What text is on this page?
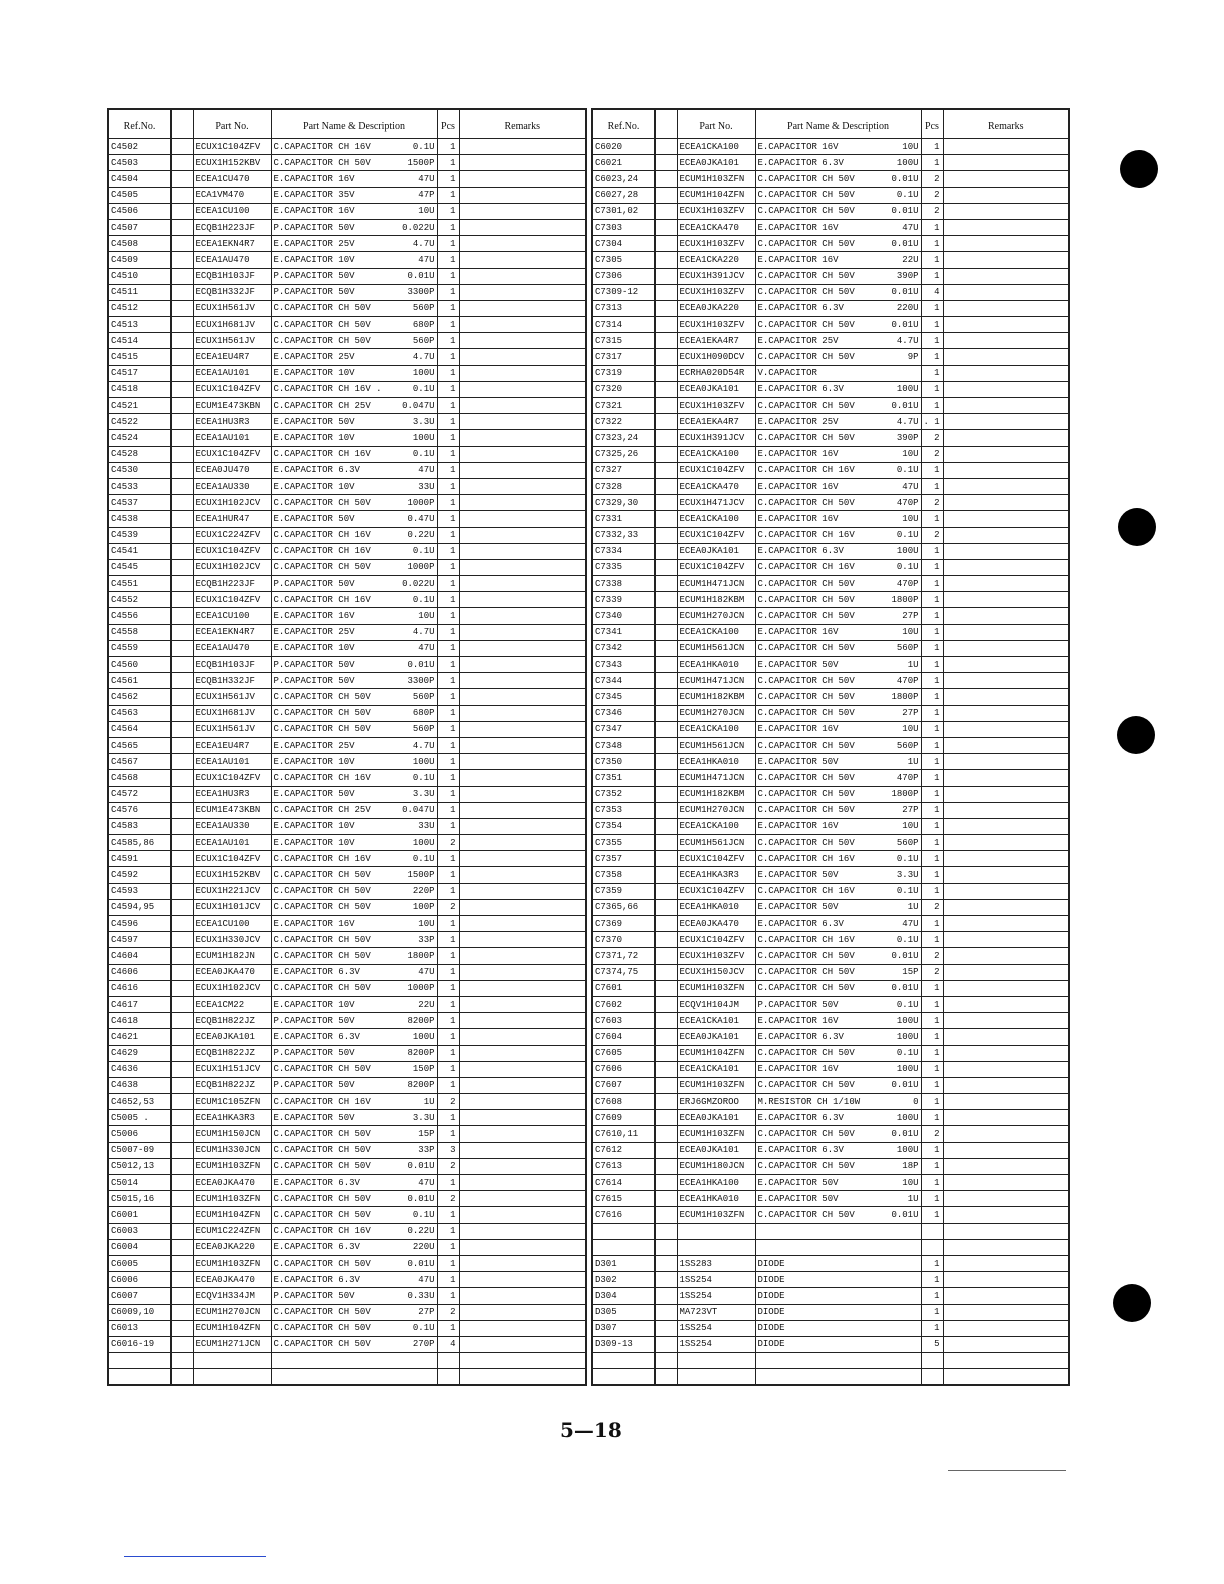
Ref.No.		Part No.	Part Name & Description	Pcs	Remarks
C4502		ECUX1C104ZFV	C.CAPACITOR CH 16V 0.1U	1	
C4503		ECUX1H152KBV	C.CAPACITOR CH 50V 1500P	1	
C4504		ECEA1CU470	E.CAPACITOR 16V 47U	1	
C4505		ECA1VM470	E.CAPACITOR 35V 47P	1	
C4506		ECEA1CU100	E.CAPACITOR 16V 10U	1	
C4507		ECQB1H223JF	P.CAPACITOR 50V 0.022U	1	
C4508		ECEA1EKN4R7	E.CAPACITOR 25V 4.7U	1	
C4509		ECEA1AU470	E.CAPACITOR 10V 47U	1	
C4510		ECQB1H103JF	P.CAPACITOR 50V 0.01U	1	
C4511		ECQB1H332JF	P.CAPACITOR 50V 3300P	1	
C4512		ECUX1H561JV	C.CAPACITOR CH 50V 560P	1	
C4513		ECUX1H681JV	C.CAPACITOR CH 50V 680P	1	
C4514		ECUX1H561JV	C.CAPACITOR CH 50V 560P	1	
C4515		ECEA1EU4R7	E.CAPACITOR 25V 4.7U	1	
C4517		ECEA1AU101	E.CAPACITOR 10V 100U	1	
C4518		ECUX1C104ZFV	C.CAPACITOR CH 16V . 0.1U	1	
C4521		ECUM1E473KBN	C.CAPACITOR CH 25V 0.047U	1	
C4522		ECEA1HU3R3	E.CAPACITOR 50V 3.3U	1	
C4524		ECEA1AU101	E.CAPACITOR 10V 100U	1	
C4528		ECUX1C104ZFV	C.CAPACITOR CH 16V 0.1U	1	
C4530		ECEA0JU470	E.CAPACITOR 6.3V 47U	1	
C4533		ECEA1AU330	E.CAPACITOR 10V 33U	1	
C4537		ECUX1H102JCV	C.CAPACITOR CH 50V 1000P	1	
C4538		ECEA1HUR47	E.CAPACITOR 50V 0.47U	1	
C4539		ECUX1C224ZFV	C.CAPACITOR CH 16V 0.22U	1	
C4541		ECUX1C104ZFV	C.CAPACITOR CH 16V 0.1U	1	
C4545		ECUX1H102JCV	C.CAPACITOR CH 50V 1000P	1	
C4551		ECQB1H223JF	P.CAPACITOR 50V 0.022U	1	
C4552		ECUX1C104ZFV	C.CAPACITOR CH 16V 0.1U	1	
C4556		ECEA1CU100	E.CAPACITOR 16V 10U	1	
C4558		ECEA1EKN4R7	E.CAPACITOR 25V 4.7U	1	
C4559		ECEA1AU470	E.CAPACITOR 10V 47U	1	
C4560		ECQB1H103JF	P.CAPACITOR 50V 0.01U	1	
C4561		ECQB1H332JF	P.CAPACITOR 50V 3300P	1	
C4562		ECUX1H561JV	C.CAPACITOR CH 50V 560P	1	
C4563		ECUX1H681JV	C.CAPACITOR CH 50V 680P	1	
C4564		ECUX1H561JV	C.CAPACITOR CH 50V 560P	1	
C4565		ECEA1EU4R7	E.CAPACITOR 25V 4.7U	1	
C4567		ECEA1AU101	E.CAPACITOR 10V 100U	1	
C4568		ECUX1C104ZFV	C.CAPACITOR CH 16V 0.1U	1	
C4572		ECEA1HU3R3	E.CAPACITOR 50V 3.3U	1	
C4576		ECUM1E473KBN	C.CAPACITOR CH 25V 0.047U	1	
C4583		ECEA1AU330	E.CAPACITOR 10V 33U	1	
C4585,86		ECEA1AU101	E.CAPACITOR 10V 100U	2	
C4591		ECUX1C104ZFV	C.CAPACITOR CH 16V 0.1U	1	
C4592		ECUX1H152KBV	C.CAPACITOR CH 50V 1500P	1	
C4593		ECUX1H221JCV	C.CAPACITOR CH 50V 220P	1	
C4594,95		ECUX1H101JCV	C.CAPACITOR CH 50V 100P	2	
C4596		ECEA1CU100	E.CAPACITOR 16V 10U	1	
C4597		ECUX1H330JCV	C.CAPACITOR CH 50V 33P	1	
C4604		ECUM1H182JN	C.CAPACITOR CH 50V 1800P	1	
C4606		ECEA0JKA470	E.CAPACITOR 6.3V 47U	1	
C4616		ECUX1H102JCV	C.CAPACITOR CH 50V 1000P	1	
C4617		ECEA1CM22	E.CAPACITOR 10V 22U	1	
C4618		ECQB1H822JZ	P.CAPACITOR 50V 8200P	1	
C4621		ECEA0JKA101	E.CAPACITOR 6.3V 100U	1	
C4629		ECQB1H822JZ	P.CAPACITOR 50V 8200P	1	
C4636		ECUX1H151JCV	C.CAPACITOR CH 50V 150P	1	
C4638		ECQB1H822JZ	P.CAPACITOR 50V 8200P	1	
C4652,53		ECUM1C105ZFN	C.CAPACITOR CH 16V 1U	2	
C5005 .		ECEA1HKA3R3	E.CAPACITOR 50V 3.3U	1	
C5006		ECUM1H150JCN	C.CAPACITOR CH 50V 15P	1	
C5007-09		ECUM1H330JCN	C.CAPACITOR CH 50V 33P	3	
C5012,13		ECUM1H103ZFN	C.CAPACITOR CH 50V 0.01U	2	
C5014		ECEA0JKA470	E.CAPACITOR 6.3V 47U	1	
C5015,16		ECUM1H103ZFN	C.CAPACITOR CH 50V 0.01U	2	
C6001		ECUM1H104ZFN	C.CAPACITOR CH 50V 0.1U	1	
C6003		ECUM1C224ZFN	C.CAPACITOR CH 16V 0.22U	1	
C6004		ECEA0JKA220	E.CAPACITOR 6.3V 220U	1	
C6005		ECUM1H103ZFN	C.CAPACITOR CH 50V 0.01U	1	
C6006		ECEA0JKA470	E.CAPACITOR 6.3V 47U	1	
C6007		ECQV1H334JM	P.CAPACITOR 50V 0.33U	1	
C6009,10		ECUM1H270JCN	C.CAPACITOR CH 50V 27P	2	
C6013		ECUM1H104ZFN	C.CAPACITOR CH 50V 0.1U	1	
C6016-19		ECUM1H271JCN	C.CAPACITOR CH 50V 270P	4	

Ref.No.		Part No.	Part Name & Description	Pcs	Remarks
C6020		ECEA1CKA100	E.CAPACITOR 16V 10U	1	
C6021		ECEA0JKA101	E.CAPACITOR 6.3V 100U	1	
C6023,24		ECUM1H103ZFN	C.CAPACITOR CH 50V 0.01U	2	
C6027,28		ECUM1H104ZFN	C.CAPACITOR CH 50V 0.1U	2	
C7301,02		ECUX1H103ZFV	C.CAPACITOR CH 50V 0.01U	2	
C7303		ECEA1CKA470	E.CAPACITOR 16V 47U	1	
C7304		ECUX1H103ZFV	C.CAPACITOR CH 50V 0.01U	1	
C7305		ECEA1CKA220	E.CAPACITOR 16V 22U	1	
C7306		ECUX1H391JCV	C.CAPACITOR CH 50V 390P	1	
C7309-12		ECUX1H103ZFV	C.CAPACITOR CH 50V 0.01U	4	
C7313		ECEA0JKA220	E.CAPACITOR 6.3V 220U	1	
C7314		ECUX1H103ZFV	C.CAPACITOR CH 50V 0.01U	1	
C7315		ECEA1EKA4R7	E.CAPACITOR 25V 4.7U	1	
C7317		ECUX1H090DCV	C.CAPACITOR CH 50V 9P	1	
C7319		ECRHA020D54R	V.CAPACITOR	1	
C7320		ECEA0JKA101	E.CAPACITOR 6.3V 100U	1	
C7321		ECUX1H103ZFV	C.CAPACITOR CH 50V 0.01U	1	
C7322		ECEA1EKA4R7	E.CAPACITOR 25V 4.7U	. 1	
C7323,24		ECUX1H391JCV	C.CAPACITOR CH 50V 390P	2	
C7325,26		ECEA1CKA100	E.CAPACITOR 16V 10U	2	
C7327		ECUX1C104ZFV	C.CAPACITOR CH 16V 0.1U	1	
C7328		ECEA1CKA470	E.CAPACITOR 16V 47U	1	
C7329,30		ECUX1H471JCV	C.CAPACITOR CH 50V 470P	2	
C7331		ECEA1CKA100	E.CAPACITOR 16V 10U	1	
C7332,33		ECUX1C104ZFV	C.CAPACITOR CH 16V 0.1U	2	
C7334		ECEA0JKA101	E.CAPACITOR 6.3V 100U	1	
C7335		ECUX1C104ZFV	C.CAPACITOR CH 16V 0.1U	1	
C7338		ECUM1H471JCN	C.CAPACITOR CH 50V 470P	1	
C7339		ECUM1H182KBM	C.CAPACITOR CH 50V 1800P	1	
C7340		ECUM1H270JCN	C.CAPACITOR CH 50V 27P	1	
C7341		ECEA1CKA100	E.CAPACITOR 16V 10U	1	
C7342		ECUM1H561JCN	C.CAPACITOR CH 50V 560P	1	
C7343		ECEA1HKA010	E.CAPACITOR 50V 1U	1	
C7344		ECUM1H471JCN	C.CAPACITOR CH 50V 470P	1	
C7345		ECUM1H182KBM	C.CAPACITOR CH 50V 1800P	1	
C7346		ECUM1H270JCN	C.CAPACITOR CH 50V 27P	1	
C7347		ECEA1CKA100	E.CAPACITOR 16V 10U	1	
C7348		ECUM1H561JCN	C.CAPACITOR CH 50V 560P	1	
C7350		ECEA1HKA010	E.CAPACITOR 50V 1U	1	
C7351		ECUM1H471JCN	C.CAPACITOR CH 50V 470P	1	
C7352		ECUM1H182KBM	C.CAPACITOR CH 50V 1800P	1	
C7353		ECUM1H270JCN	C.CAPACITOR CH 50V 27P	1	
C7354		ECEA1CKA100	E.CAPACITOR 16V 10U	1	
C7355		ECUM1H561JCN	C.CAPACITOR CH 50V 560P	1	
C7357		ECUX1C104ZFV	C.CAPACITOR CH 16V 0.1U	1	
C7358		ECEA1HKA3R3	E.CAPACITOR 50V 3.3U	1	
C7359		ECUX1C104ZFV	C.CAPACITOR CH 16V 0.1U	1	
C7365,66		ECEA1HKA010	E.CAPACITOR 50V 1U	2	
C7369		ECEA0JKA470	E.CAPACITOR 6.3V 47U	1	
C7370		ECUX1C104ZFV	C.CAPACITOR CH 16V 0.1U	1	
C7371,72		ECUX1H103ZFV	C.CAPACITOR CH 50V 0.01U	2	
C7374,75		ECUX1H150JCV	C.CAPACITOR CH 50V 15P	2	
C7601		ECUM1H103ZFN	C.CAPACITOR CH 50V 0.01U	1	
C7602		ECQV1H104JM	P.CAPACITOR 50V 0.1U	1	
C7603		ECEA1CKA101	E.CAPACITOR 16V 100U	1	
C7604		ECEA0JKA101	E.CAPACITOR 6.3V 100U	1	
C7605		ECUM1H104ZFN	C.CAPACITOR CH 50V 0.1U	1	
C7606		ECEA1CKA101	E.CAPACITOR 16V 100U	1	
C7607		ECUM1H103ZFN	C.CAPACITOR CH 50V 0.01U	1	
C7608		ERJ6GMZOROO	M.RESISTOR CH 1/10W 0	1	
C7609		ECEA0JKA101	E.CAPACITOR 6.3V 100U	1	
C7610,11		ECUM1H103ZFN	C.CAPACITOR CH 50V 0.01U	2	
C7612		ECEA0JKA101	E.CAPACITOR 6.3V 100U	1	
C7613		ECUM1H180JCN	C.CAPACITOR CH 50V 18P	1	
C7614		ECEA1HKA100	E.CAPACITOR 50V 10U	1	
C7615		ECEA1HKA010	E.CAPACITOR 50V 1U	1	
C7616		ECUM1H103ZFN	C.CAPACITOR CH 50V 0.01U	1	

D301		1SS283	DIODE	1	
D302		1SS254	DIODE	1	
D304		1SS254	DIODE	1	
D305		MA723VT	DIODE	1	
D307		1SS254	DIODE	1	
D309-13		1SS254	DIODE	5	

5—18
